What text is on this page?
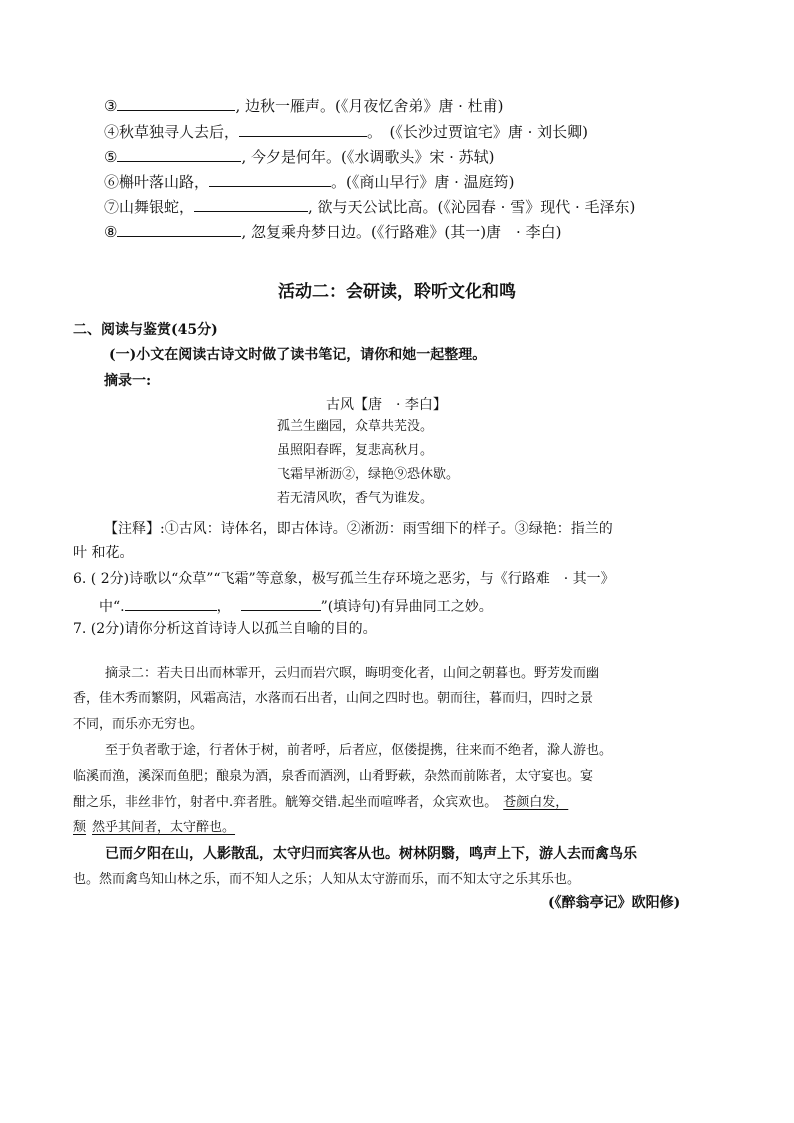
③	, 边秋一雁声。(《月夜忆舍弟》唐 · 杜甫)
④秋草独寻人去后，	。　(《长沙过贾谊宅》唐 · 刘长卿)
⑤	, 今夕是何年。(《水调歌头》宋 · 苏轼)
⑥槲叶落山路，	。(《商山早行》唐 · 温庭筠)
⑦山舞银蛇，	, 欲与天公试比高。(《沁园春 · 雪》现代 · 毛泽东)
⑧	, 忽复乘舟梦日边。(《行路难》(其一)唐　· 李白)
活动二：会研读，聆听文化和鸣
二、阅读与鉴赏(45分)
(一)小文在阅读古诗文时做了读书笔记，请你和她一起整理。
摘录一:
古风【唐　· 李白】
孤兰生幽园，众草共芜没。
虽照阳春晖，复悲高秋月。
飞霜早淅沥②，绿艳⑨恐休歇。
若无清风吹，香气为谁发。
【注释】:①古风：诗体名，即古体诗。②淅沥：雨雪细下的样子。③绿艳：指兰的
叶 和花。
6. ( 2分)诗歌以“众草”“飞霜”等意象，极写孤兰生存环境之恶劣，与《行路难　· 其一》
中“.	，	”(填诗句)有异曲同工之妙。
7. (2分)请你分析这首诗诗人以孤兰自喻的目的。
摘录二：若夫日出而林霏开，云归而岩穴暝，晦明变化者，山间之朝暮也。野芳发而幽
香，佳木秀而繁阴，风霜高洁，水落而石出者，山间之四时也。朝而往，暮而归，四时之景
不同，而乐亦无穷也。
至于负者歌于途，行者休于树，前者呼，后者应，伛偻提携，往来而不绝者，滁人游也。
临溪而渔，溪深而鱼肥；酿泉为酒，泉香而酒洌，山肴野蔌，杂然而前陈者，太守宴也。宴
酣之乐，非丝非竹，射者中.弈者胜。觥筹交错.起坐而喧哗者，众宾欢也。 苍颜白发，
颓 然乎其间者，太守醉也。
已而夕阳在山，人影散乱，太守归而宾客从也。树林阴翳，鸣声上下，游人去而禽鸟乐
也。然而禽鸟知山林之乐，而不知人之乐；人知从太守游而乐，而不知太守之乐其乐也。
(《醉翁亭记》欧阳修)
